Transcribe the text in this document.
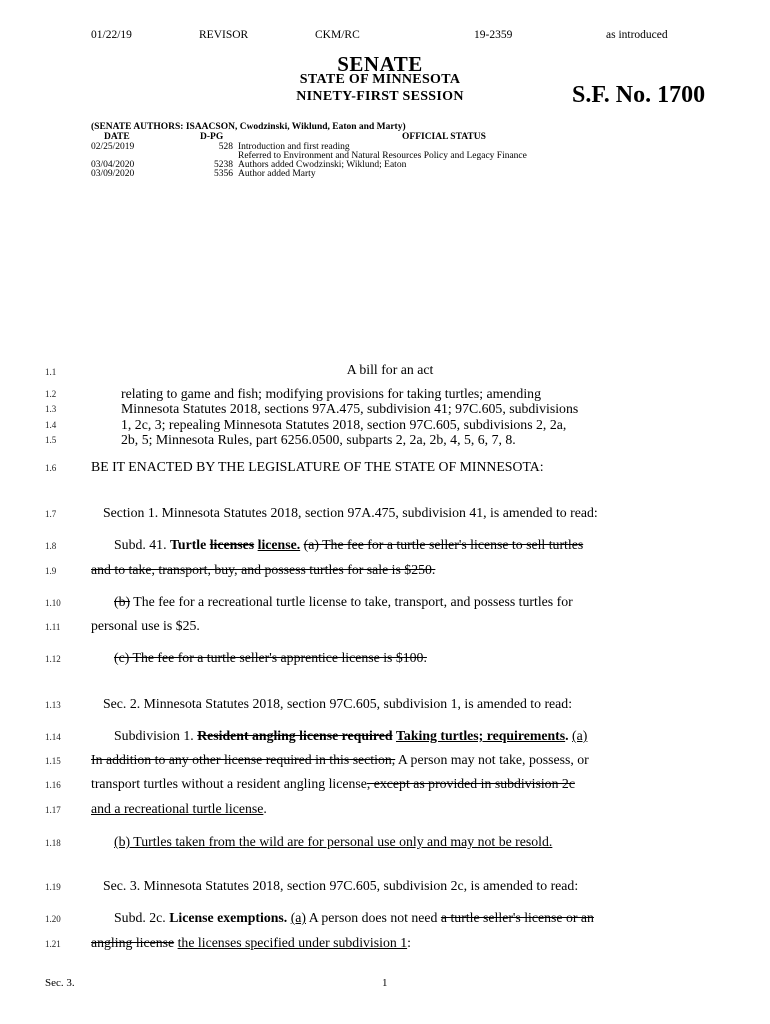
01/22/19	REVISOR	CKM/RC	19-2359	as introduced
SENATE
STATE OF MINNESOTA
NINETY-FIRST SESSION	S.F. No. 1700
(SENATE AUTHORS: ISAACSON, Cwodzinski, Wiklund, Eaton and Marty)
DATE	D-PG	OFFICIAL STATUS
02/25/2019	528 Introduction and first reading
Referred to Environment and Natural Resources Policy and Legacy Finance
03/04/2020	5238 Authors added Cwodzinski; Wiklund; Eaton
03/09/2020	5356 Author added Marty
1.1
1.2
1.3
1.4
1.5
1.6
1.7
1.8
1.9
1.10
1.11
1.12
1.13
1.14
1.15
1.16
1.17
1.18
1.19
1.20
1.21
A bill for an act
relating to game and fish; modifying provisions for taking turtles; amending
Minnesota Statutes 2018, sections 97A.475, subdivision 41; 97C.605, subdivisions
1, 2c, 3; repealing Minnesota Statutes 2018, section 97C.605, subdivisions 2, 2a,
2b, 5; Minnesota Rules, part 6256.0500, subparts 2, 2a, 2b, 4, 5, 6, 7, 8.
BE IT ENACTED BY THE LEGISLATURE OF THE STATE OF MINNESOTA:
Section 1. Minnesota Statutes 2018, section 97A.475, subdivision 41, is amended to read:
Subd. 41. Turtle licenses license. (a) The fee for a turtle seller's license to sell turtles
and to take, transport, buy, and possess turtles for sale is $250.
(b) The fee for a recreational turtle license to take, transport, and possess turtles for
personal use is $25.
(c) The fee for a turtle seller's apprentice license is $100.
Sec. 2. Minnesota Statutes 2018, section 97C.605, subdivision 1, is amended to read:
Subdivision 1. Resident angling license required Taking turtles; requirements. (a)
In addition to any other license required in this section, A person may not take, possess, or
transport turtles without a resident angling license, except as provided in subdivision 2c
and a recreational turtle license.
(b) Turtles taken from the wild are for personal use only and may not be resold.
Sec. 3. Minnesota Statutes 2018, section 97C.605, subdivision 2c, is amended to read:
Subd. 2c. License exemptions. (a) A person does not need a turtle seller's license or an
angling license the licenses specified under subdivision 1:
Sec. 3.	1
